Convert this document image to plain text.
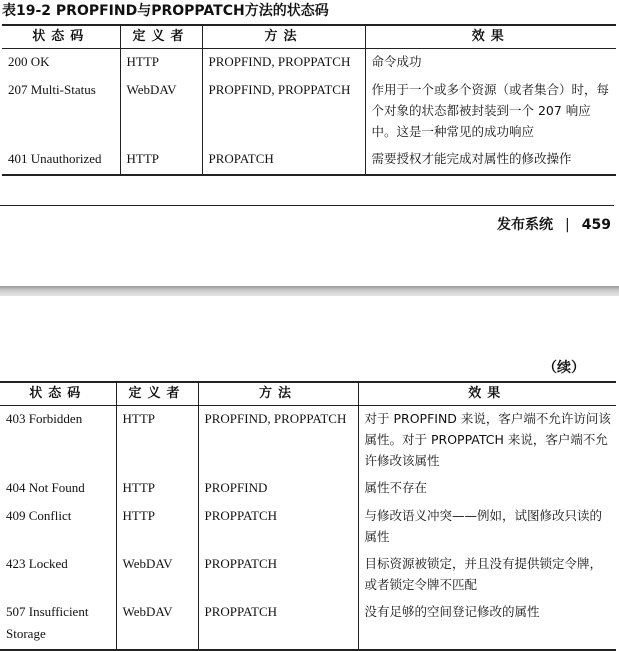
表19-2 PROPFIND与PROPPATCH方法的状态码
状态码	定义者	方法	效果
200 OK	HTTP	PROPFIND, PROPPATCH	命令成功
207 Multi-Status	WebDAV	PROPFIND, PROPPATCH	作用于一个或多个资源（或者集合）时，每个对象的状态都被封装到一个 207 响应中。这是一种常见的成功响应
401 Unauthorized	HTTP	PROPATCH	需要授权才能完成对属性的修改操作
发布系统 | 459
（续）
状态码	定义者	方法	效果
403 Forbidden	HTTP	PROPFIND, PROPPATCH	对于 PROPFIND 来说，客户端不允许访问该属性。对于 PROPPATCH 来说，客户端不允许修改该属性
404 Not Found	HTTP	PROPFIND	属性不存在
409 Conflict	HTTP	PROPPATCH	与修改语义冲突——例如，试图修改只读的属性
423 Locked	WebDAV	PROPPATCH	目标资源被锁定，并且没有提供锁定令牌，或者锁定令牌不匹配
507 Insufficient Storage	WebDAV	PROPPATCH	没有足够的空间登记修改的属性
